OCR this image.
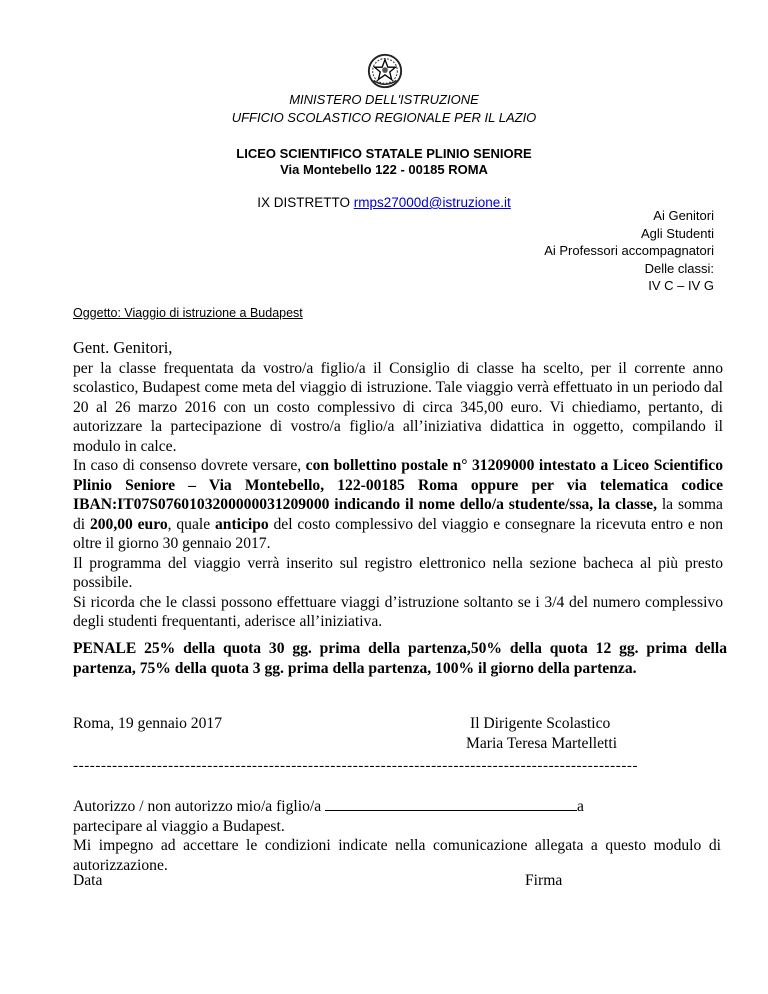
MINISTERO DELL'ISTRUZIONE
UFFICIO SCOLASTICO REGIONALE PER IL LAZIO
LICEO SCIENTIFICO STATALE PLINIO SENIORE
Via Montebello 122 - 00185 ROMA
IX DISTRETTO rmps27000d@istruzione.it
Ai Genitori
Agli Studenti
Ai Professori accompagnatori
Delle classi:
IV C – IV G
Oggetto: Viaggio di istruzione a Budapest

Gent. Genitori,

per la classe frequentata da vostro/a figlio/a il Consiglio di classe ha scelto, per il corrente anno scolastico, Budapest come meta del viaggio di istruzione. Tale viaggio verrà effettuato in un periodo dal 20 al 26 marzo 2016 con un costo complessivo di circa 345,00 euro. Vi chiediamo, pertanto, di autorizzare la partecipazione di vostro/a figlio/a all’iniziativa didattica in oggetto, compilando il modulo in calce.

In caso di consenso dovrete versare, con bollettino postale n° 31209000 intestato a Liceo Scientifico Plinio Seniore – Via Montebello, 122-00185 Roma oppure per via telematica codice IBAN:IT07S0760103200000031209000 indicando il nome dello/a studente/ssa, la classe, la somma di 200,00 euro, quale anticipo del costo complessivo del viaggio e consegnare la ricevuta entro e non oltre il giorno 30 gennaio 2017.

Il programma del viaggio verrà inserito sul registro elettronico nella sezione bacheca al più presto possibile.

Si ricorda che le classi possono effettuare viaggi d’istruzione soltanto se i 3/4 del numero complessivo degli studenti frequentanti, aderisce all’iniziativa.

PENALE 25% della quota 30 gg. prima della partenza,50% della quota 12 gg. prima della partenza, 75% della quota 3 gg. prima della partenza, 100% il giorno della partenza.

Roma, 19 gennaio 2017	Il Dirigente Scolastico
Maria Teresa Martelletti
-----------------------------------------------------------------------------------------------------

Autorizzo / non autorizzo mio/a figlio/a	a

partecipare al viaggio a Budapest.

Mi impegno ad accettare le condizioni indicate nella comunicazione allegata a questo modulo di autorizzazione.

Data	Firma
